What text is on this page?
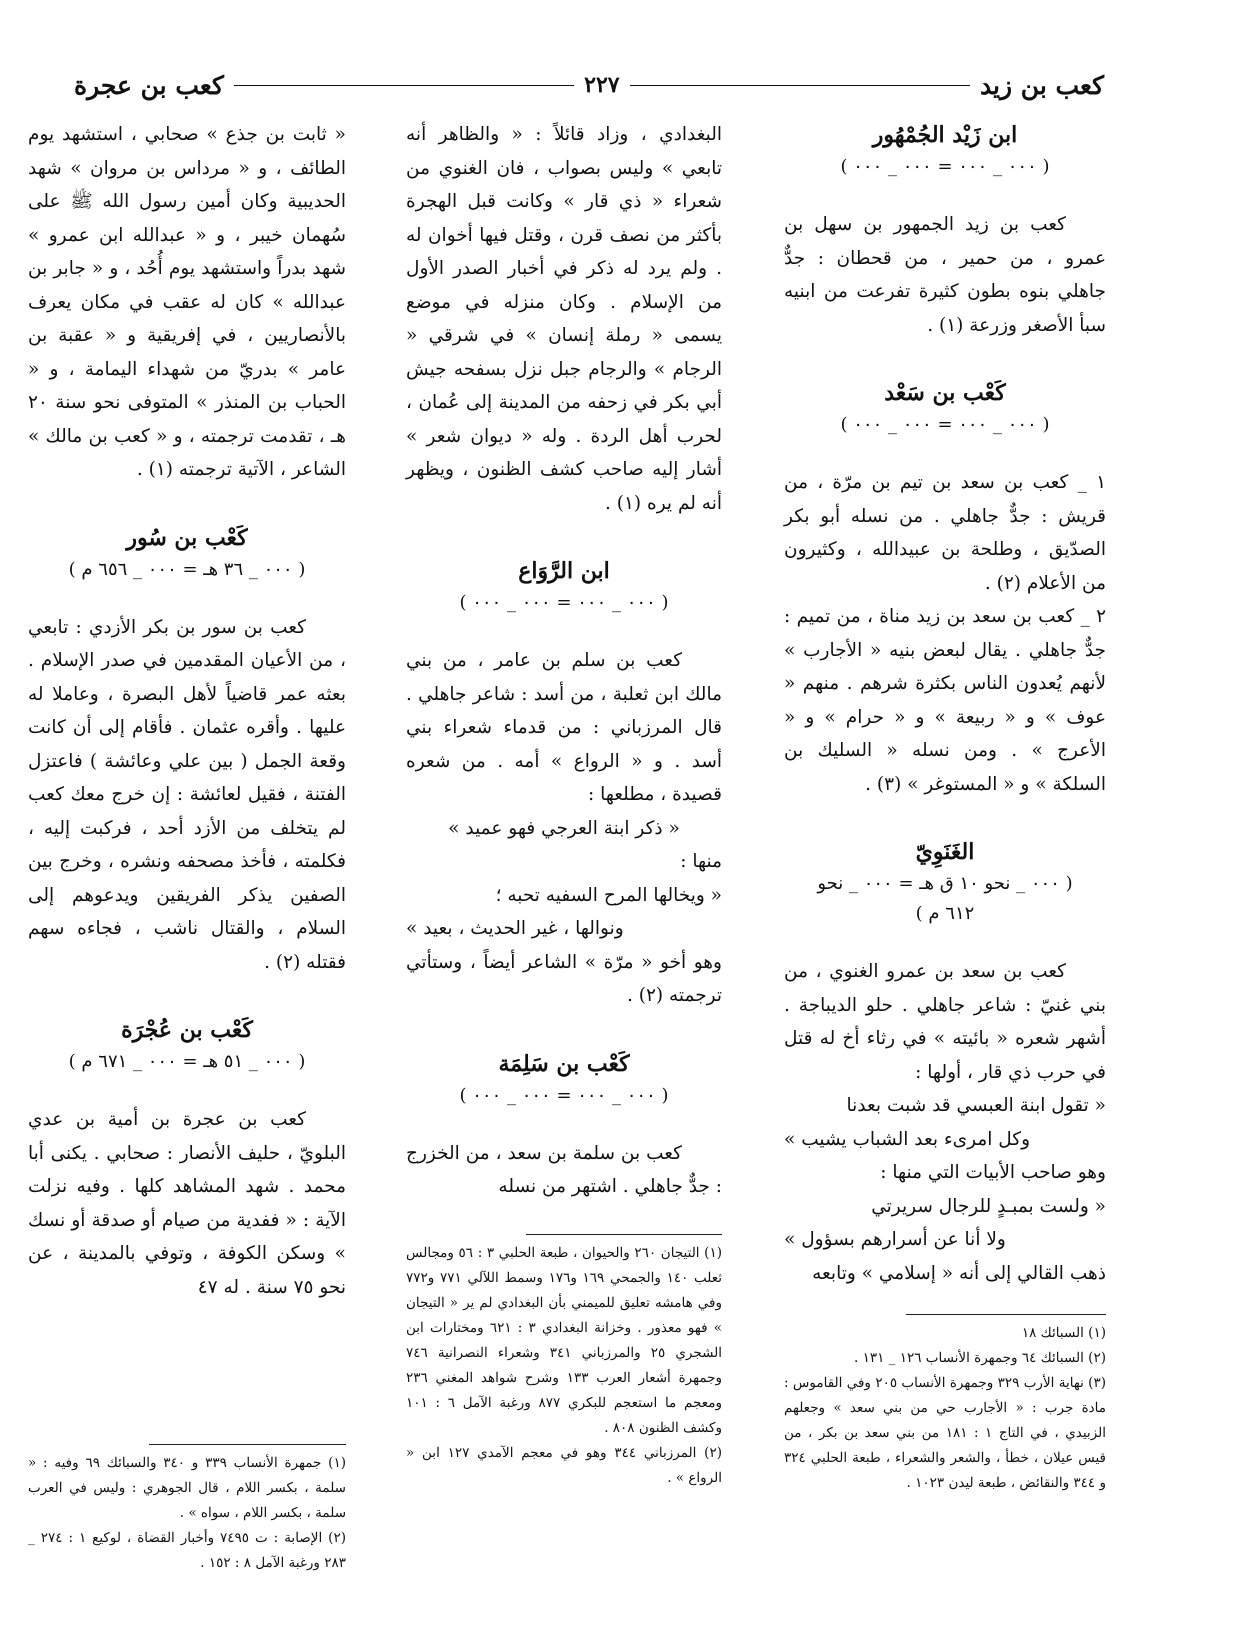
كعب بن عجرة	٢٢٧	كعب بن زيد

ابن زَيْد الجُمْهُور

( ٠٠٠ _ ٠٠٠ = ٠٠٠ _ ٠٠٠ )

كعب بن زيد الجمهور بن سهل بن عمرو ، من حمير ، من قحطان : جدٌّ جاهلي بنوه بطون كثيرة تفرعت من ابنيه سبأ الأصغر وزرعة (١) .

كَعْب بن سَعْد

( ٠٠٠ _ ٠٠٠ = ٠٠٠ _ ٠٠٠ )

١ _ كعب بن سعد بن تيم بن مرّة ، من قريش : جدٌّ جاهلي . من نسله أبو بكر الصدّيق ، وطلحة بن عبيدالله ، وكثيرون من الأعلام (٢) .

٢ _ كعب بن سعد بن زيد مناة ، من تميم : جدٌّ جاهلي . يقال لبعض بنيه « الأجارب » لأنهم يُعدون الناس بكثرة شرهم . منهم « عوف » و « ربيعة » و « حرام » و « الأعرج » . ومن نسله « السليك بن السلكة » و « المستوغر » (٣) .

الغَنَوِيّ

( ٠٠٠ _ نحو ١٠ ق هـ = ٠٠٠ _ نحو

٦١٢ م )

كعب بن سعد بن عمرو الغنوي ، من بني غنيّ : شاعر جاهلي . حلو الديباجة . أشهر شعره « بائيته » في رثاء أخ له قتل في حرب ذي قار ، أولها :

« تقول ابنة العبسي قد شبت بعدنا

وكل امرىء بعد الشباب يشيب »

وهو صاحب الأبيات التي منها :

« ولست بمبـدٍ للرجال سريرتي

ولا أنا عن أسرارهم بسؤول »

ذهب القالي إلى أنه « إسلامي » وتابعه

(١) السبائك ١٨

(٢) السبائك ٦٤ وجمهرة الأنساب ١٢٦ _ ١٣١ .

(٣) نهاية الأرب ٣٢٩ وجمهرة الأنساب ٢٠٥ وفي القاموس : مادة جرب : « الأجارب حي من بني سعد » وجعلهم الزبيدي ، في التاج ١ : ١٨١ من بني سعد بن بكر ، من قيس عيلان ، خطأ ، والشعر والشعراء ، طبعة الحلبي ٣٢٤ و ٣٤٤ والنقائض ، طبعة ليدن ١٠٢٣ .

البغدادي ، وزاد قائلاً : « والظاهر أنه تابعي » وليس بصواب ، فان الغنوي من شعراء « ذي قار » وكانت قبل الهجرة بأكثر من نصف قرن ، وقتل فيها أخوان له . ولم يرد له ذكر في أخبار الصدر الأول من الإسلام . وكان منزله في موضع يسمى « رملة إنسان » في شرقي « الرجام » والرجام جبل نزل بسفحه جيش أبي بكر في زحفه من المدينة إلى عُمان ، لحرب أهل الردة . وله « ديوان شعر » أشار إليه صاحب كشف الظنون ، ويظهر أنه لم يره (١) .

ابن الرَّوَاع

( ٠٠٠ _ ٠٠٠ = ٠٠٠ _ ٠٠٠ )

كعب بن سلم بن عامر ، من بني مالك ابن ثعلبة ، من أسد : شاعر جاهلي . قال المرزباني : من قدماء شعراء بني أسد . و « الرواع » أمه . من شعره قصيدة ، مطلعها :

« ذكر ابنة العرجي فهو عميد »

منها :

« ويخالها المرح السفيه تحبه ؛

ونوالها ، غير الحديث ، بعيد »

وهو أخو « مرّة » الشاعر أيضاً ، وستأتي ترجمته (٢) .

كَعْب بن سَلِمَة

( ٠٠٠ _ ٠٠٠ = ٠٠٠ _ ٠٠٠ )

كعب بن سلمة بن سعد ، من الخزرج : جدٌّ جاهلي . اشتهر من نسله

(١) التيجان ٢٦٠ والحيوان ، طبعة الحلبي ٣ : ٥٦ ومجالس ثعلب ١٤٠ والجمحي ١٦٩ و١٧٦ وسمط اللآلي ٧٧١ و٧٧٢ وفي هامشه تعليق للميمني بأن البغدادي لم ير « التيجان » فهو معذور . وخزانة البغدادي ٣ : ٦٢١ ومختارات ابن الشجري ٢٥ والمرزباني ٣٤١ وشعراء النصرانية ٧٤٦ وجمهرة أشعار العرب ١٣٣ وشرح شواهد المغني ٢٣٦ ومعجم ما استعجم للبكري ٨٧٧ ورغبة الآمل ٦ : ١٠١ وكشف الظنون ٨٠٨ .

(٢) المرزباني ٣٤٤ وهو في معجم الآمدي ١٢٧ ابن « الرواع » .

« ثابت بن جذع » صحابي ، استشهد يوم الطائف ، و « مرداس بن مروان » شهد الحديبية وكان أمين رسول الله ﷺ على سُهمان خيبر ، و « عبدالله ابن عمرو » شهد بدراً واستشهد يوم أُحُد ، و « جابر بن عبدالله » كان له عقب في مكان يعرف بالأنصاريين ، في إفريقية و « عقبة بن عامر » بدريّ من شهداء اليمامة ، و « الحباب بن المنذر » المتوفى نحو سنة ٢٠ هـ ، تقدمت ترجمته ، و « كعب بن مالك » الشاعر ، الآتية ترجمته (١) .

كَعْب بن سُور

( ٠٠٠ _ ٣٦ هـ = ٠٠٠ _ ٦٥٦ م )

كعب بن سور بن بكر الأزدي : تابعي ، من الأعيان المقدمين في صدر الإسلام . بعثه عمر قاضياً لأهل البصرة ، وعاملا له عليها . وأقره عثمان . فأقام إلى أن كانت وقعة الجمل ( بين علي وعائشة ) فاعتزل الفتنة ، فقيل لعائشة : إن خرج معك كعب لم يتخلف من الأزد أحد ، فركبت إليه ، فكلمته ، فأخذ مصحفه ونشره ، وخرج بين الصفين يذكر الفريقين ويدعوهم إلى السلام ، والقتال ناشب ، فجاءه سهم فقتله (٢) .

كَعْب بن عُجْرَة

( ٠٠٠ _ ٥١ هـ = ٠٠٠ _ ٦٧١ م )

كعب بن عجرة بن أمية بن عدي البلويّ ، حليف الأنصار : صحابي . يكنى أبا محمد . شهد المشاهد كلها . وفيه نزلت الآية : « ففدية من صيام أو صدقة أو نسك » وسكن الكوفة ، وتوفي بالمدينة ، عن نحو ٧٥ سنة . له ٤٧

(١) جمهرة الأنساب ٣٣٩ و ٣٤٠ والسبائك ٦٩ وفيه : « سلمة ، بكسر اللام ، قال الجوهري : وليس في العرب سلمة ، بكسر اللام ، سواه » .

(٢) الإصابة : ت ٧٤٩٥ وأخبار القضاة ، لوكيع ١ : ٢٧٤ _ ٢٨٣ ورغبة الآمل ٨ : ١٥٢ .
